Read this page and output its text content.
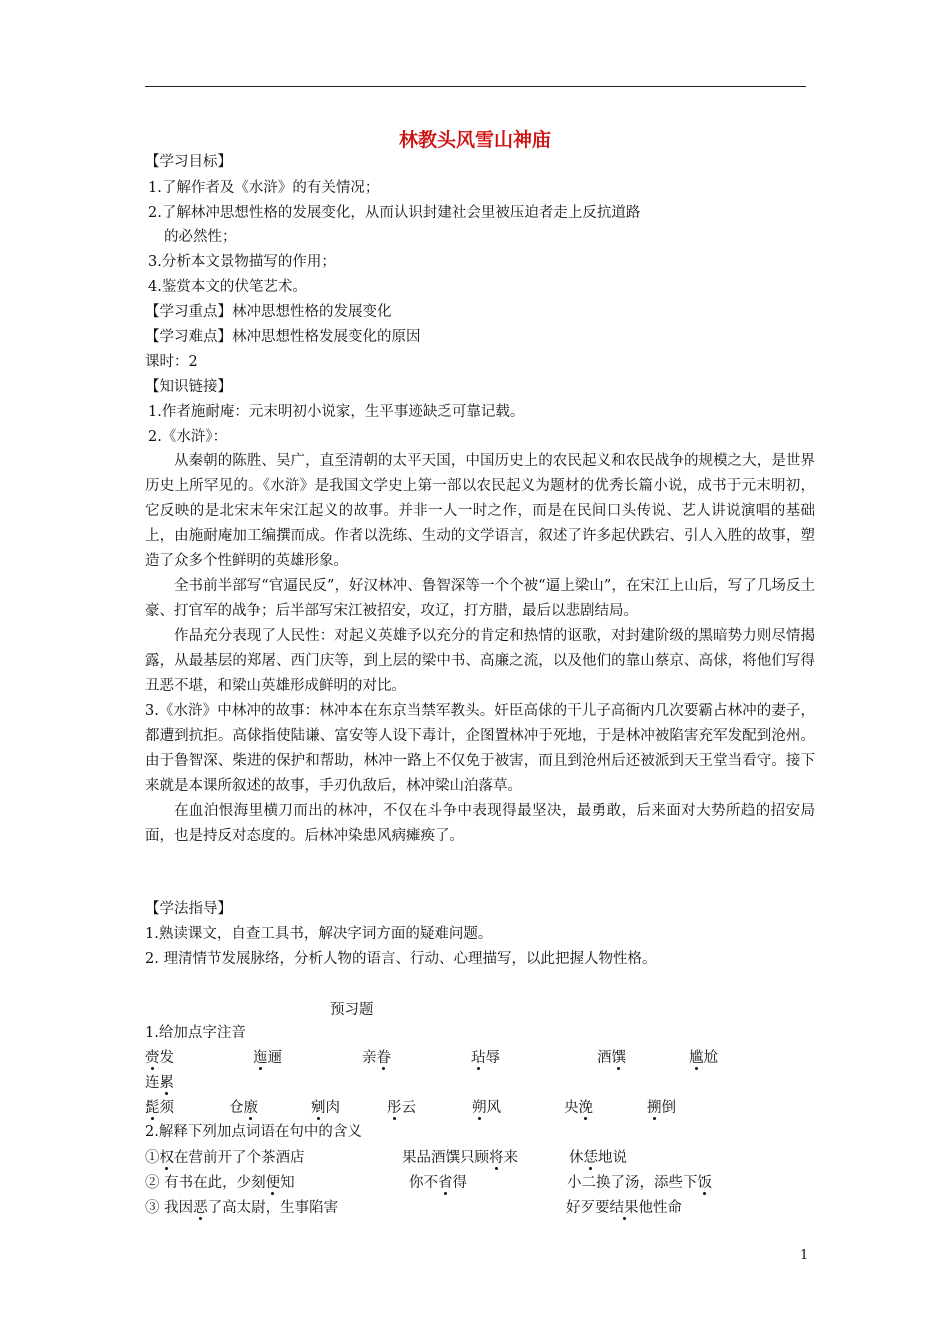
林教头风雪山神庙
【学习目标】
1.了解作者及《水浒》的有关情况；
2.了解林冲思想性格的发展变化，从而认识封建社会里被压迫者走上反抗道路
的必然性；
3.分析本文景物描写的作用；
4.鉴赏本文的伏笔艺术。
【学习重点】林冲思想性格的发展变化
【学习难点】林冲思想性格发展变化的原因
课时：2
【知识链接】
1.作者施耐庵：元末明初小说家，生平事迹缺乏可靠记载。
2.《水浒》：
从秦朝的陈胜、吴广，直至清朝的太平天国，中国历史上的农民起义和农民战争的规模之大，是世界历史上所罕见的。《水浒》是我国文学史上第一部以农民起义为题材的优秀长篇小说，成书于元末明初，它反映的是北宋末年宋江起义的故事。并非一人一时之作，而是在民间口头传说、艺人讲说演唱的基础上，由施耐庵加工编撰而成。作者以洗练、生动的文学语言，叙述了许多起伏跌宕、引人入胜的故事，塑造了众多个性鲜明的英雄形象。
全书前半部写“官逼民反”，好汉林冲、鲁智深等一个个被“逼上梁山”，在宋江上山后，写了几场反土豪、打官军的战争；后半部写宋江被招安，攻辽，打方腊，最后以悲剧结局。
作品充分表现了人民性：对起义英雄予以充分的肯定和热情的讴歌，对封建阶级的黑暗势力则尽情揭露，从最基层的郑屠、西门庆等，到上层的梁中书、高廉之流，以及他们的靠山蔡京、高俅，将他们写得丑恶不堪，和梁山英雄形成鲜明的对比。
3.《水浒》中林冲的故事：林冲本在东京当禁军教头。奸臣高俅的干儿子高衙内几次要霸占林冲的妻子，都遭到抗拒。高俅指使陆谦、富安等人设下毒计，企图置林冲于死地，于是林冲被陷害充军发配到沧州。由于鲁智深、柴进的保护和帮助，林冲一路上不仅免于被害，而且到沧州后还被派到天王堂当看守。接下来就是本课所叙述的故事，手刃仇敌后，林冲梁山泊落草。
在血泊恨海里横刀而出的林冲，不仅在斗争中表现得最坚决，最勇敢，后来面对大势所趋的招安局面，也是持反对态度的。后林冲染患风病瘫痪了。
【学法指导】
1.熟读课文，自查工具书，解决字词方面的疑难问题。
2. 理清情节发展脉络，分析人物的语言、行动、心理描写，以此把握人物性格。
预习题
1.给加点字注音
赍发	迤逦	亲眷	玷辱	酒馔	尴尬
连累
髭须	仓廒	剜肉	彤云	朔风	央浼	搠倒
2.解释下列加点词语在句中的含义
①权在营前开了个茶酒店	果品酒馔只顾将来	休恁地说
② 有书在此，少刻便知	你不省得	小二换了汤，添些下饭
③ 我因恶了高太尉，生事陷害	好歹要结果他性命
1
